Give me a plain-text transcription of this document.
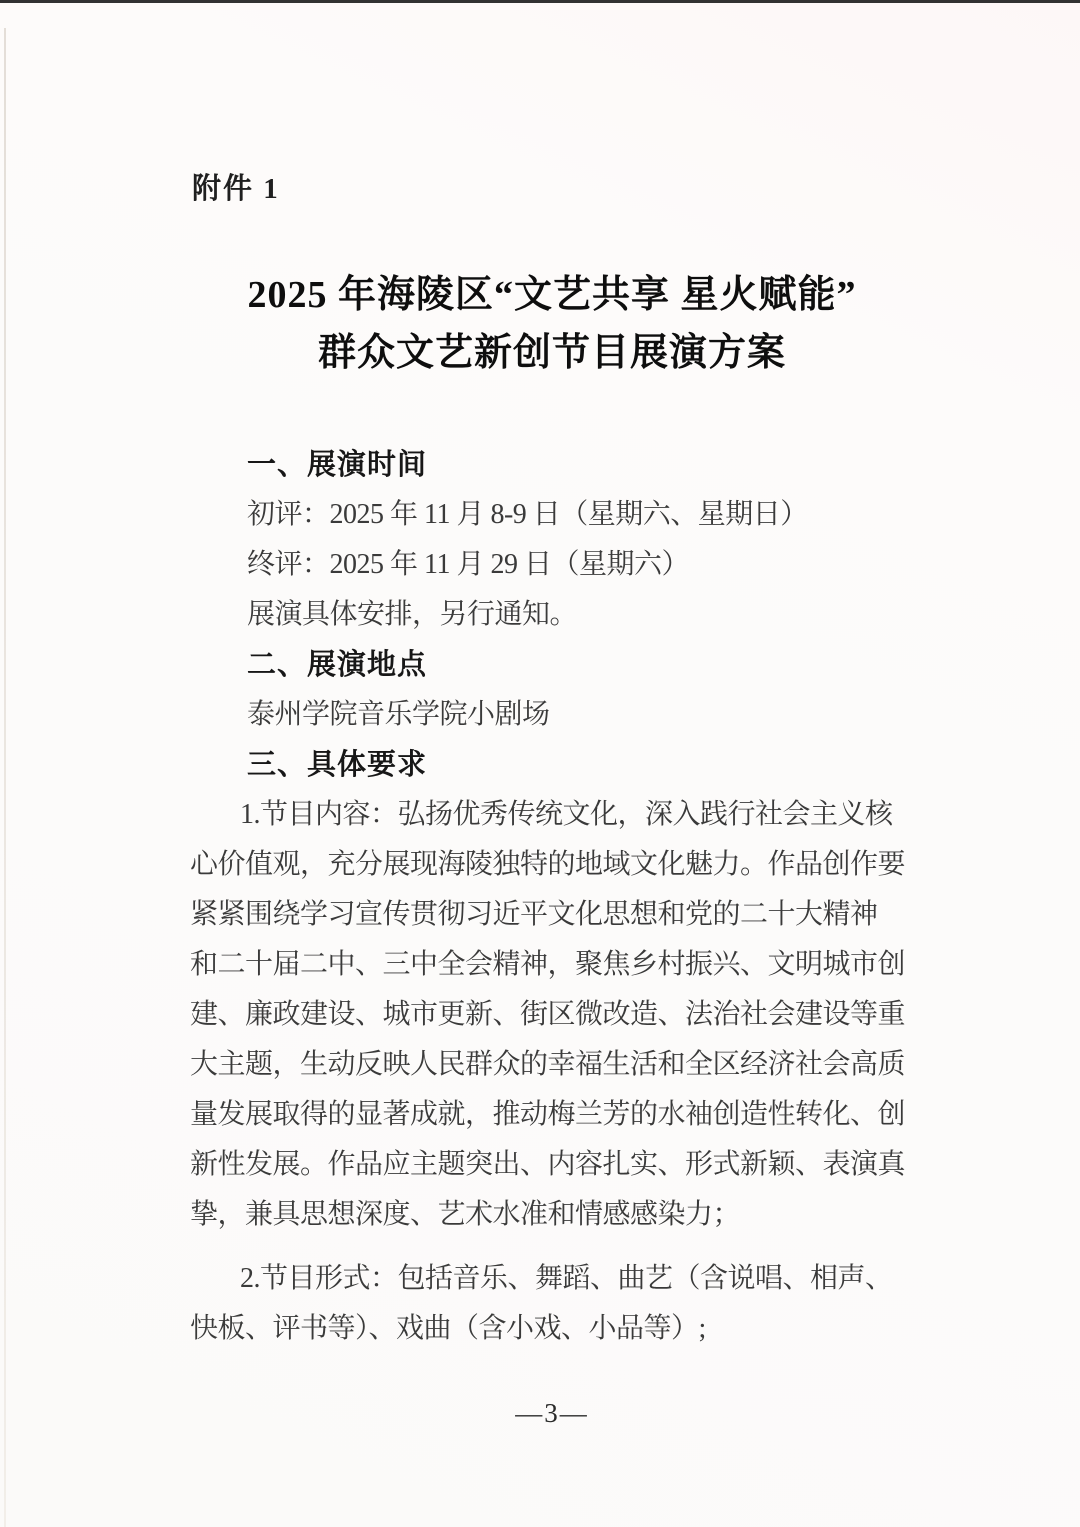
附件 1
2025 年海陵区“文艺共享 星火赋能”
群众文艺新创节目展演方案
一、展演时间
初评：2025 年 11 月 8-9 日（星期六、星期日）
终评：2025 年 11 月 29 日（星期六）
展演具体安排，另行通知。
二、展演地点
泰州学院音乐学院小剧场
三、具体要求
1.节目内容：弘扬优秀传统文化，深入践行社会主义核
心价值观，充分展现海陵独特的地域文化魅力。作品创作要
紧紧围绕学习宣传贯彻习近平文化思想和党的二十大精神
和二十届二中、三中全会精神，聚焦乡村振兴、文明城市创
建、廉政建设、城市更新、街区微改造、法治社会建设等重
大主题，生动反映人民群众的幸福生活和全区经济社会高质
量发展取得的显著成就，推动梅兰芳的水袖创造性转化、创
新性发展。作品应主题突出、内容扎实、形式新颖、表演真
挚，兼具思想深度、艺术水准和情感感染力；
2.节目形式：包括音乐、舞蹈、曲艺（含说唱、相声、
快板、评书等）、戏曲（含小戏、小品等）;
—3—
